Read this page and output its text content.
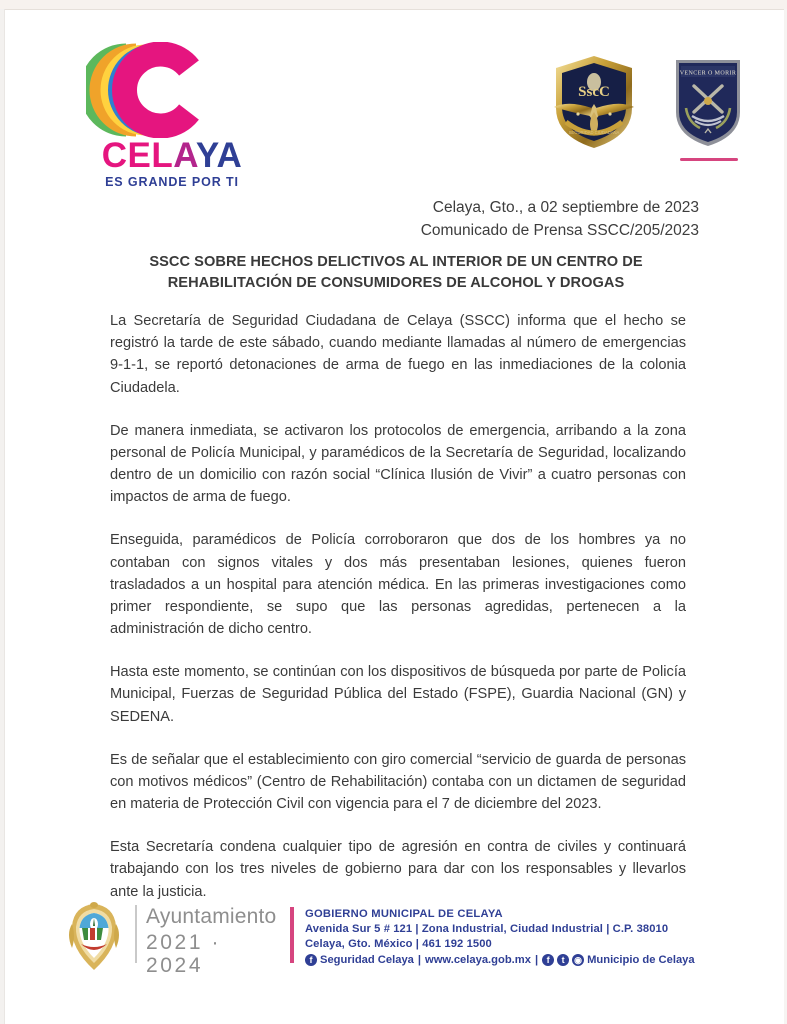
CELAYA
ES GRANDE POR TI
SscC
SEGURIDAD CIUDADANA
VENCER O MORIR
Celaya, Gto., a 02 septiembre de 2023
Comunicado de Prensa SSCC/205/2023
SSCC SOBRE HECHOS DELICTIVOS AL INTERIOR DE UN CENTRO DE REHABILITACIÓN DE CONSUMIDORES DE ALCOHOL Y DROGAS

La Secretaría de Seguridad Ciudadana de Celaya (SSCC) informa que el hecho se registró la tarde de este sábado, cuando mediante llamadas al número de emergencias 9-1-1, se reportó detonaciones de arma de fuego en las inmediaciones de la colonia Ciudadela.

De manera inmediata, se activaron los protocolos de emergencia, arribando a la zona personal de Policía Municipal, y paramédicos de la Secretaría de Seguridad, localizando dentro de un domicilio con razón social “Clínica Ilusión de Vivir” a cuatro personas con impactos de arma de fuego.

Enseguida, paramédicos de Policía corroboraron que dos de los hombres ya no contaban con signos vitales y dos más presentaban lesiones, quienes fueron trasladados a un hospital para atención médica. En las primeras investigaciones como primer respondiente, se supo que las personas agredidas, pertenecen a la administración de dicho centro.

Hasta este momento, se continúan con los dispositivos de búsqueda por parte de Policía Municipal, Fuerzas de Seguridad Pública del Estado (FSPE), Guardia Nacional (GN) y SEDENA.

Es de señalar que el establecimiento con giro comercial “servicio de guarda de personas con motivos médicos” (Centro de Rehabilitación) contaba con un dictamen de seguridad en materia de Protección Civil con vigencia para el 7 de diciembre del 2023.

Esta Secretaría condena cualquier tipo de agresión en contra de civiles y continuará trabajando con los tres niveles de gobierno para dar con los responsables y llevarlos ante la justicia.

Ayuntamiento
2021 · 2024
GOBIERNO MUNICIPAL DE CELAYA
Avenida Sur 5 # 121 | Zona Industrial, Ciudad Industrial | C.P. 38010
Celaya, Gto. México | 461 192 1500
f Seguridad Celaya | www.celaya.gob.mx | f	t	◉ Municipio de Celaya
